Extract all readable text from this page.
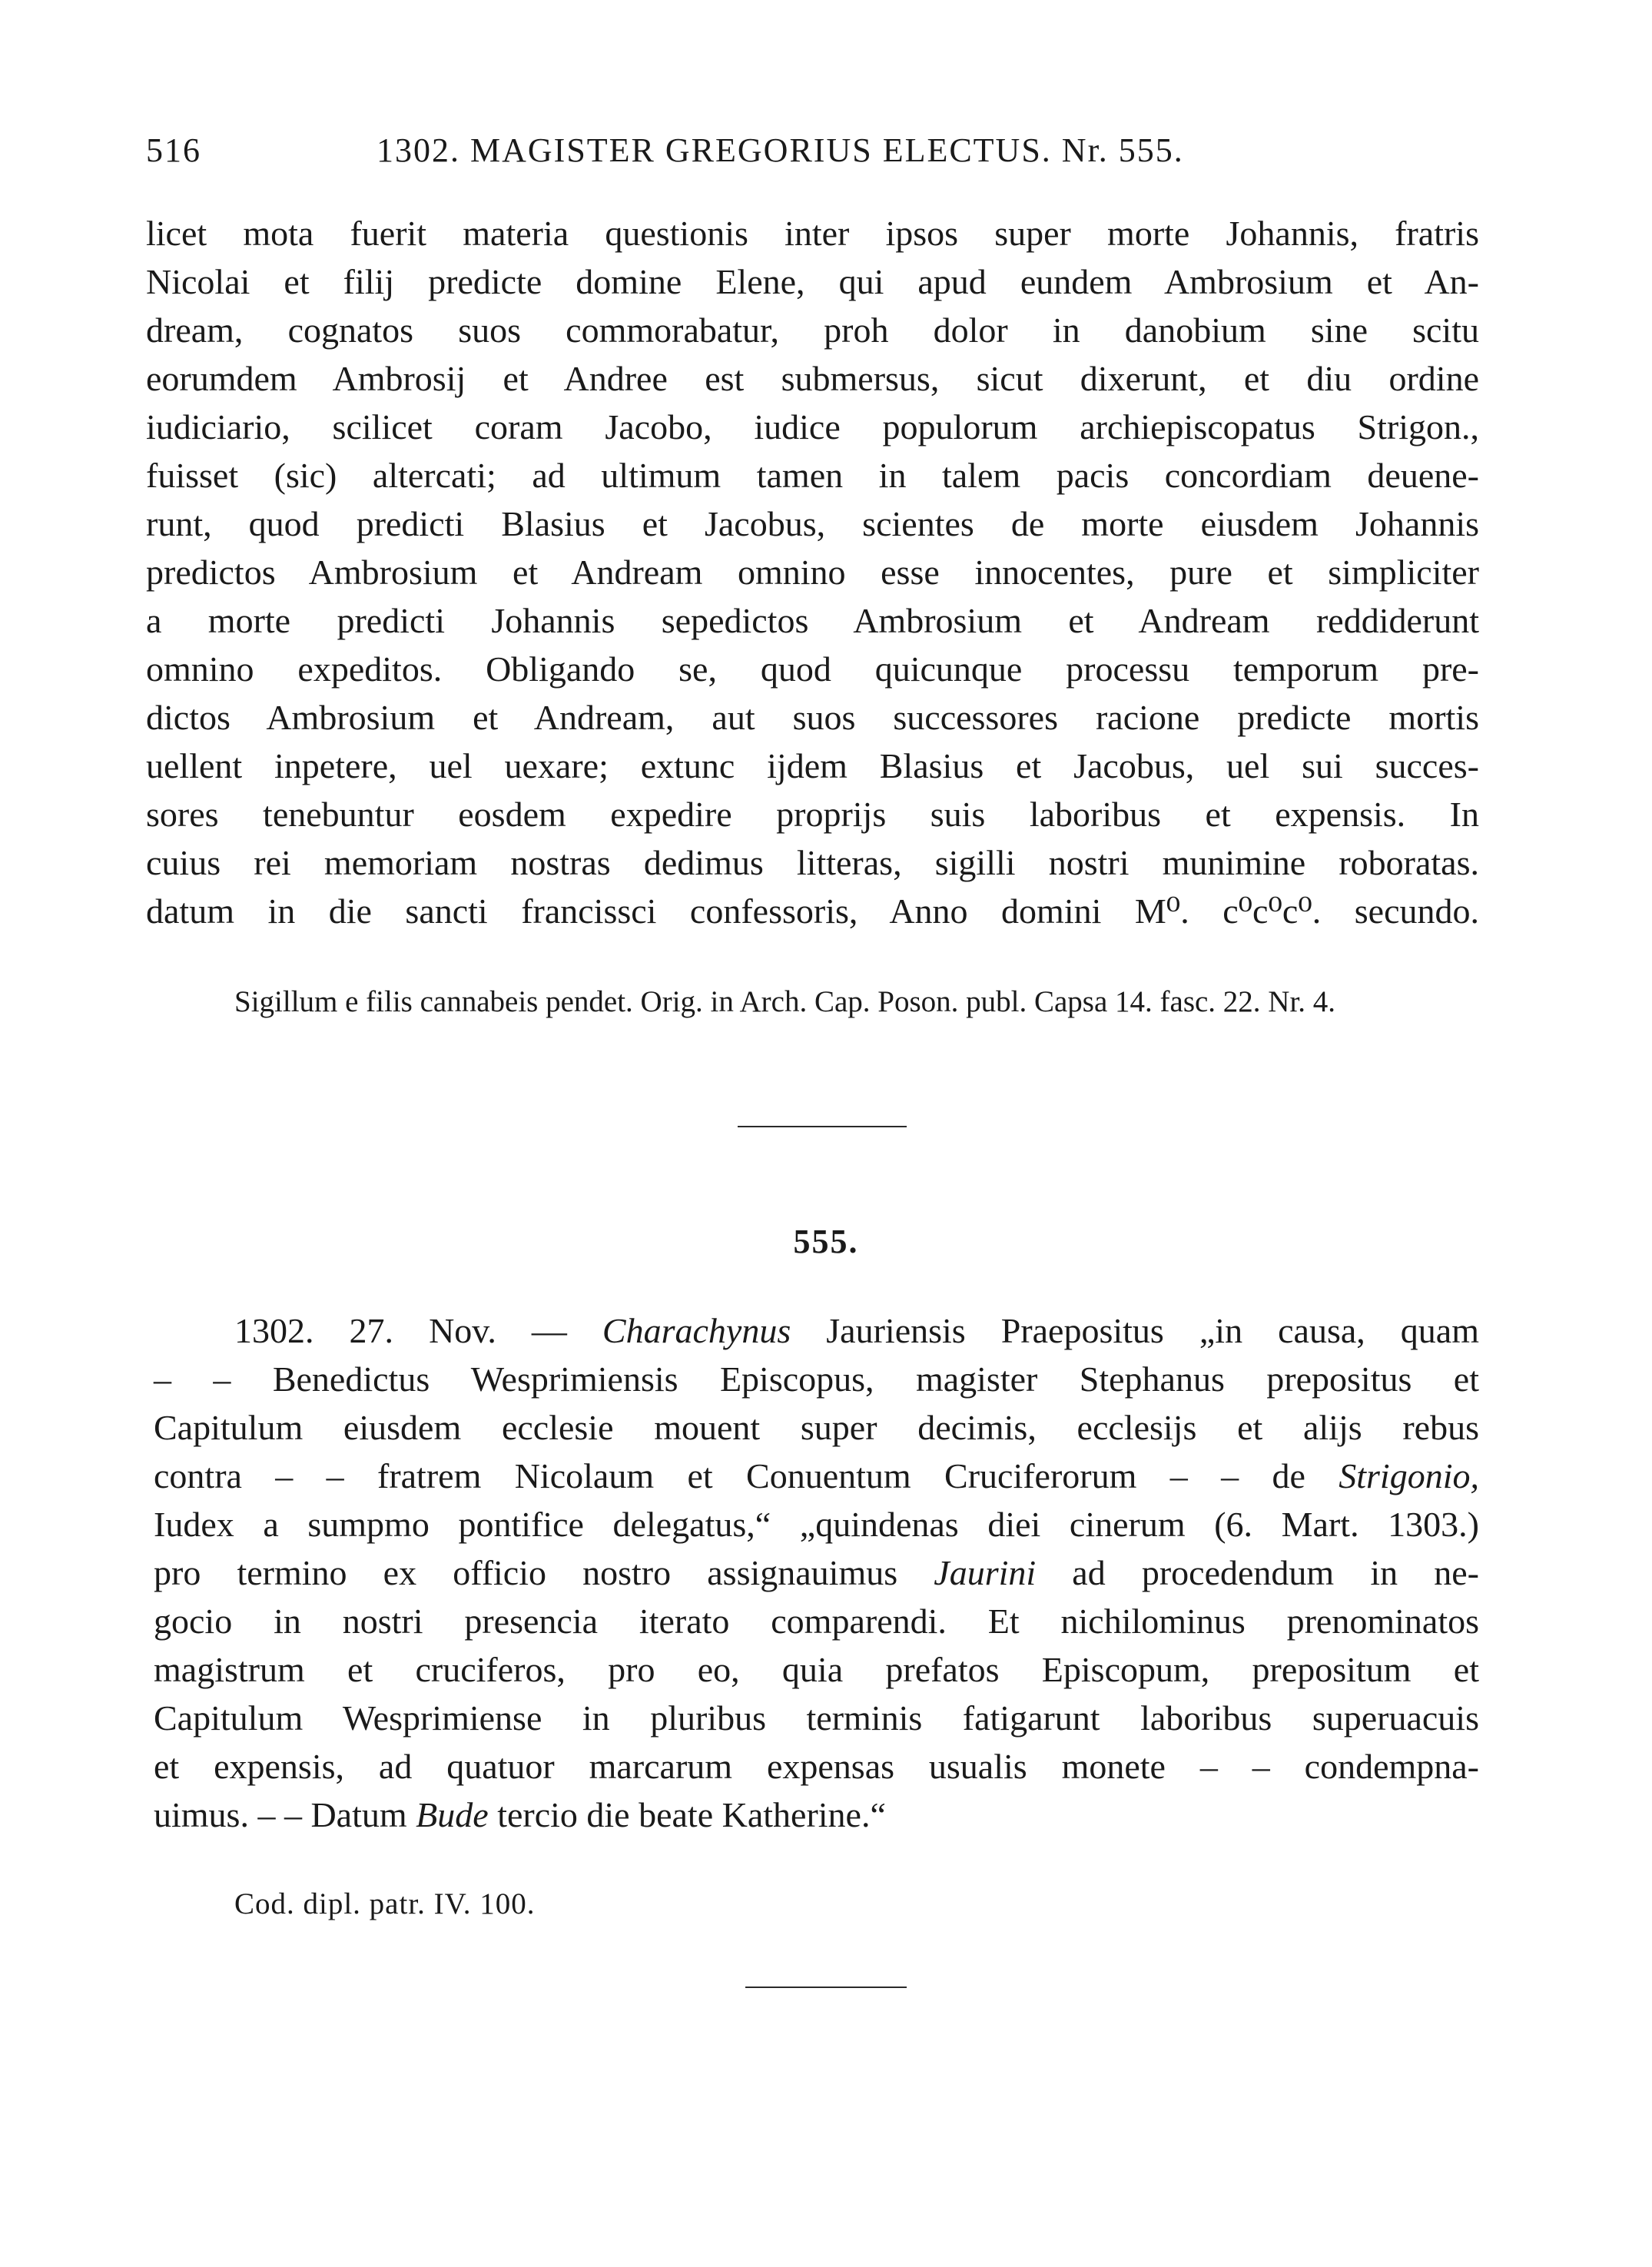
516	1302. MAGISTER GREGORIUS ELECTUS. Nr. 555.
licet mota fuerit materia questionis inter ipsos super morte Johannis, fratris
Nicolai et filij predicte domine Elene, qui apud eundem Ambrosium et An-
dream, cognatos suos commorabatur, proh dolor in danobium sine scitu
eorumdem Ambrosij et Andree est submersus, sicut dixerunt, et diu ordine
iudiciario, scilicet coram Jacobo, iudice populorum archiepiscopatus Strigon.,
fuisset (sic) altercati; ad ultimum tamen in talem pacis concordiam deuene-
runt, quod predicti Blasius et Jacobus, scientes de morte eiusdem Johannis
predictos Ambrosium et Andream omnino esse innocentes, pure et simpliciter
a morte predicti Johannis sepedictos Ambrosium et Andream reddiderunt
omnino expeditos. Obligando se, quod quicunque processu temporum pre-
dictos Ambrosium et Andream, aut suos successores racione predicte mortis
uellent inpetere, uel uexare; extunc ijdem Blasius et Jacobus, uel sui succes-
sores tenebuntur eosdem expedire proprijs suis laboribus et expensis. In
cuius rei memoriam nostras dedimus litteras, sigilli nostri munimine roboratas.
datum in die sancti francissci confessoris, Anno domini M⁰. c⁰c⁰c⁰. secundo.
Sigillum e filis cannabeis pendet. Orig. in Arch. Cap. Poson. publ. Capsa 14. fasc. 22. Nr. 4.
555.
1302. 27. Nov. — Charachynus Jauriensis Praepositus „in causa, quam
– – Benedictus Wesprimiensis Episcopus, magister Stephanus prepositus et
Capitulum eiusdem ecclesie mouent super decimis, ecclesijs et alijs rebus
contra – – fratrem Nicolaum et Conuentum Cruciferorum – – de Strigonio,
Iudex a sumpmo pontifice delegatus,“ „quindenas diei cinerum (6. Mart. 1303.)
pro termino ex officio nostro assignauimus Jaurini ad procedendum in ne-
gocio in nostri presencia iterato comparendi. Et nichilominus prenominatos
magistrum et cruciferos, pro eo, quia prefatos Episcopum, prepositum et
Capitulum Wesprimiense in pluribus terminis fatigarunt laboribus superuacuis
et expensis, ad quatuor marcarum expensas usualis monete – – condempna-
uimus. – – Datum Bude tercio die beate Katherine.“
Cod. dipl. patr. IV. 100.
